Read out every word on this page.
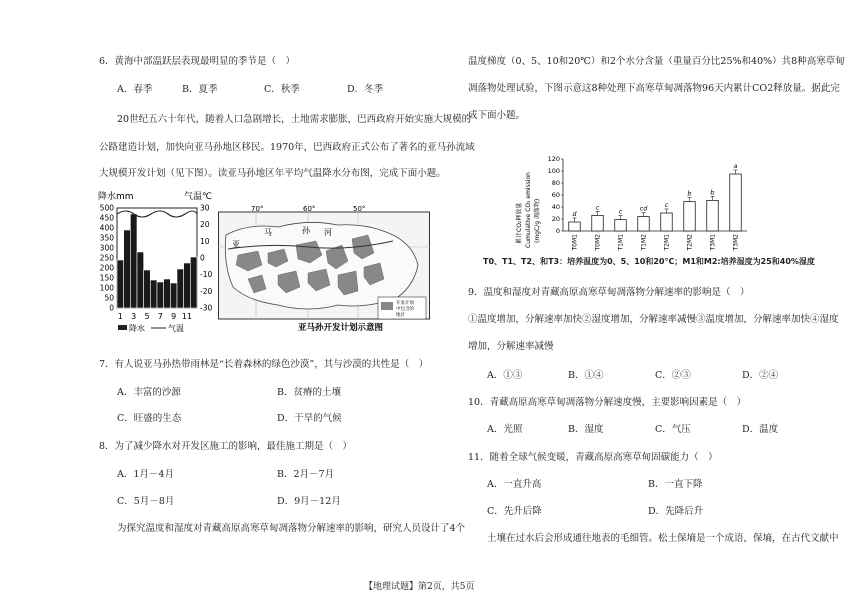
6．黄海中部温跃层表现最明显的季节是（　）
A．春季	B．夏季	C．秋季	D．冬季
20世纪五六十年代，随着人口急剧增长，土地需求膨胀，巴西政府开始实施大规模的
公路建造计划，加快向亚马孙地区移民。1970年，巴西政府正式公布了著名的亚马孙流域
大规模开发计划（见下图）。读亚马孙地区年平均气温降水分布图，完成下面小题。
降水mm	气温℃
500
450
400
350
300
250
200
150
100
50
0
30
20
10
0
-10
-20
-30
1 3 5 7 9 11
降水	气温
70°	60°	50°
亚
马	孙 河
开发计划
中包含的
地区
亚马孙开发计划示意图
7．有人说亚马孙热带雨林是“长着森林的绿色沙漠”，其与沙漠的共性是（　）
A．丰富的沙源	B．贫瘠的土壤
C．旺盛的生态	D．干旱的气候
8．为了减少降水对开发区施工的影响，最佳施工期是（　）
A．1月－4月	B．2月－7月
C．5月－8月	D．9月－12月
为探究温度和湿度对青藏高原高寒草甸凋落物分解速率的影响，研究人员设计了4个
温度梯度（0、5、10和20℃）和2个水分含量（重量百分比25%和40%）共8种高寒草甸
凋落物处理试验，下图示意这8种处理下高寒草甸凋落物96天内累计CO2释放量。据此完
成下面小题。
累计CO₂释放量 Cumulative CO₂ emission (mgC/g 凋落物) 0
20
40
60
80
100
120
d
c
c	cd	c
b	b
a
T0M1	T0M2	T1M1	T1M2	T2M1	T2M2	T3M1	T3M2
T0、T1、T2、和T3：培养温度为0、5、10和20°C；M1和M2:培养湿度为25和40%湿度
9．温度和湿度对青藏高原高寒草甸凋落物分解速率的影响是（　）
①温度增加，分解速率加快②湿度增加，分解速率减慢③温度增加，分解速率加快④湿度
增加，分解速率减慢
A．①③	B．①④	C．②③	D．②④
10．青藏高原高寒草甸凋落物分解速度慢，主要影响因素是（　）
A．光照	B．湿度	C．气压	D．温度
11．随着全球气候变暖，青藏高原高寒草甸固碳能力（　）
A．一直升高	B．一直下降
C．先升后降	D．先降后升
土壤在过水后会形成通往地表的毛细管。松土保墒是一个成语，保墒，在古代文献中
【地理试题】第2页，共5页
